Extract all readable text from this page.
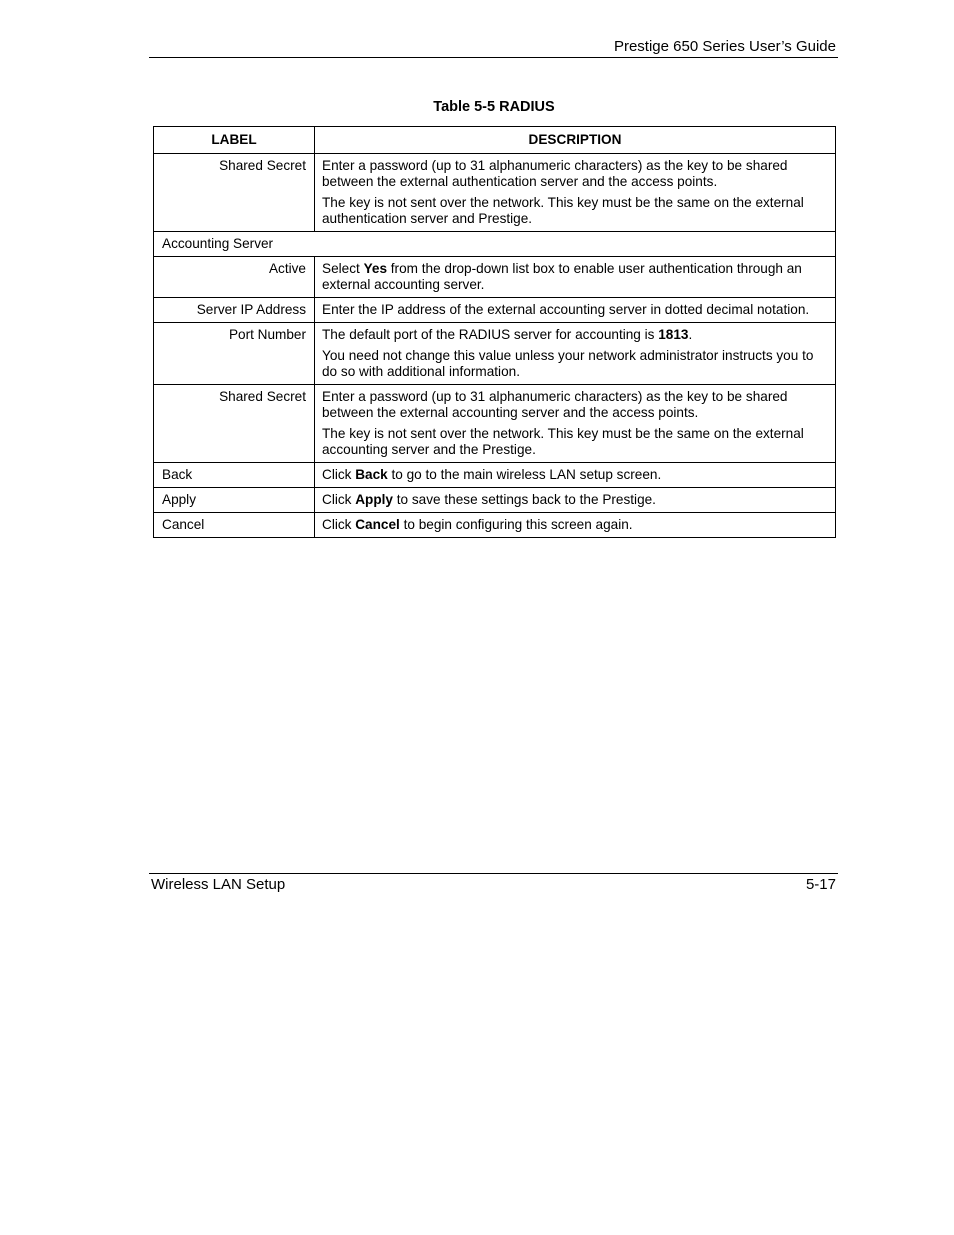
Prestige 650 Series User’s Guide
Table 5-5 RADIUS
LABEL	DESCRIPTION
Shared Secret	Enter a password (up to 31 alphanumeric characters) as the key to be shared between the external authentication server and the access points.

The key is not sent over the network. This key must be the same on the external authentication server and Prestige.

Accounting Server	
Active	Select Yes from the drop-down list box to enable user authentication through an external accounting server.

Server IP Address	Enter the IP address of the external accounting server in dotted decimal notation.

Port Number	The default port of the RADIUS server for accounting is 1813.

You need not change this value unless your network administrator instructs you to do so with additional information.

Shared Secret	Enter a password (up to 31 alphanumeric characters) as the key to be shared between the external accounting server and the access points.

The key is not sent over the network. This key must be the same on the external accounting server and the Prestige.

Back	Click Back to go to the main wireless LAN setup screen.

Apply	Click Apply to save these settings back to the Prestige.

Cancel	Click Cancel to begin configuring this screen again.

Wireless LAN Setup	5-17
